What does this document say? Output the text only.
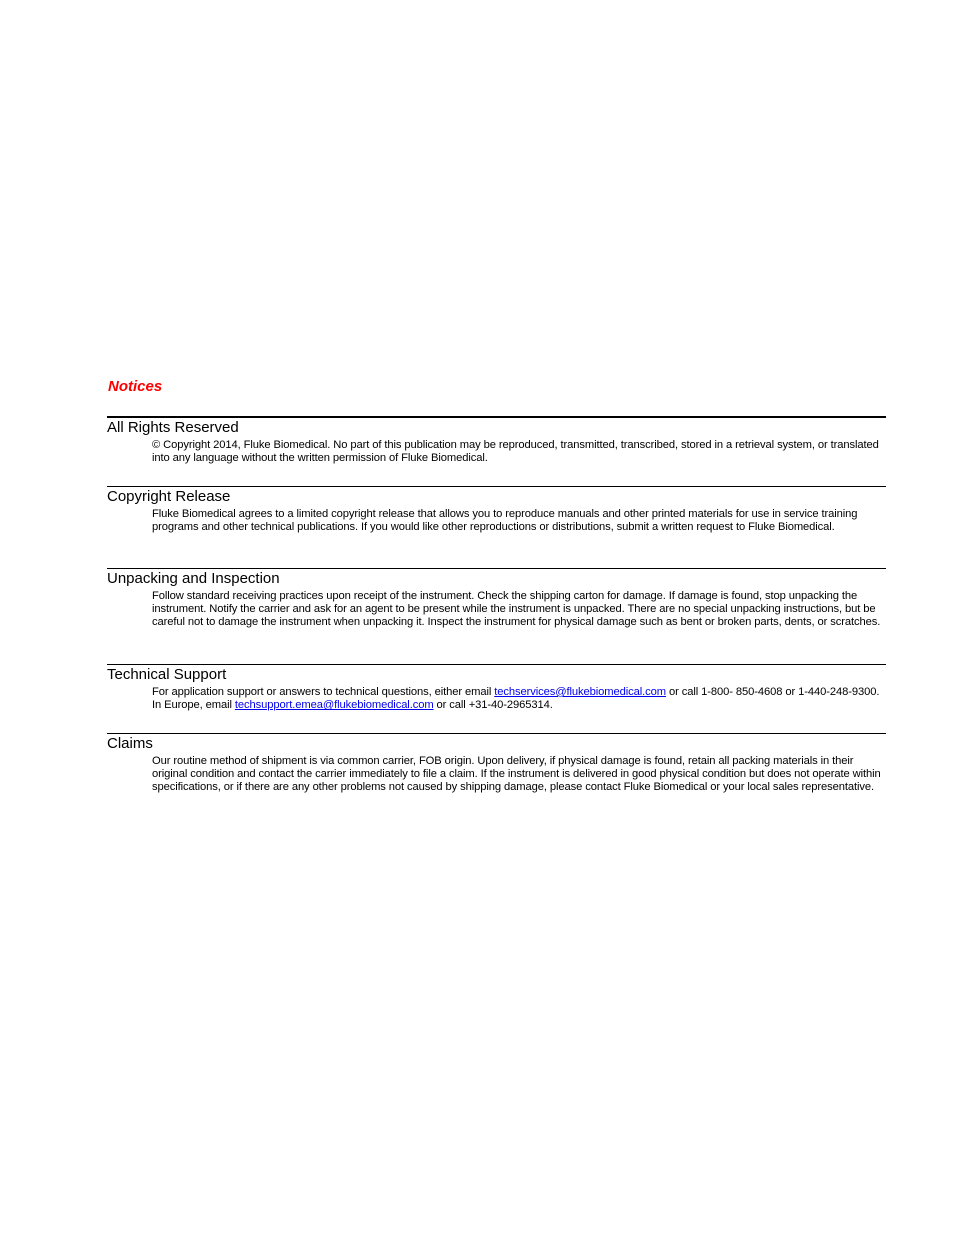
Notices
All Rights Reserved

© Copyright 2014, Fluke Biomedical. No part of this publication may be reproduced, transmitted, transcribed, stored in a retrieval system, or translated into any language without the written permission of Fluke Biomedical.

Copyright Release

Fluke Biomedical agrees to a limited copyright release that allows you to reproduce manuals and other printed materials for use in service training programs and other technical publications. If you would like other reproductions or distributions, submit a written request to Fluke Biomedical.

Unpacking and Inspection

Follow standard receiving practices upon receipt of the instrument. Check the shipping carton for damage. If damage is found, stop unpacking the instrument. Notify the carrier and ask for an agent to be present while the instrument is unpacked. There are no special unpacking instructions, but be careful not to damage the instrument when unpacking it. Inspect the instrument for physical damage such as bent or broken parts, dents, or scratches.

Technical Support

For application support or answers to technical questions, either email techservices@flukebiomedical.com or call 1-800- 850-4608 or 1-440-248-9300. In Europe, email techsupport.emea@flukebiomedical.com or call +31-40-2965314.

Claims

Our routine method of shipment is via common carrier, FOB origin. Upon delivery, if physical damage is found, retain all packing materials in their original condition and contact the carrier immediately to file a claim. If the instrument is delivered in good physical condition but does not operate within specifications, or if there are any other problems not caused by shipping damage, please contact Fluke Biomedical or your local sales representative.
